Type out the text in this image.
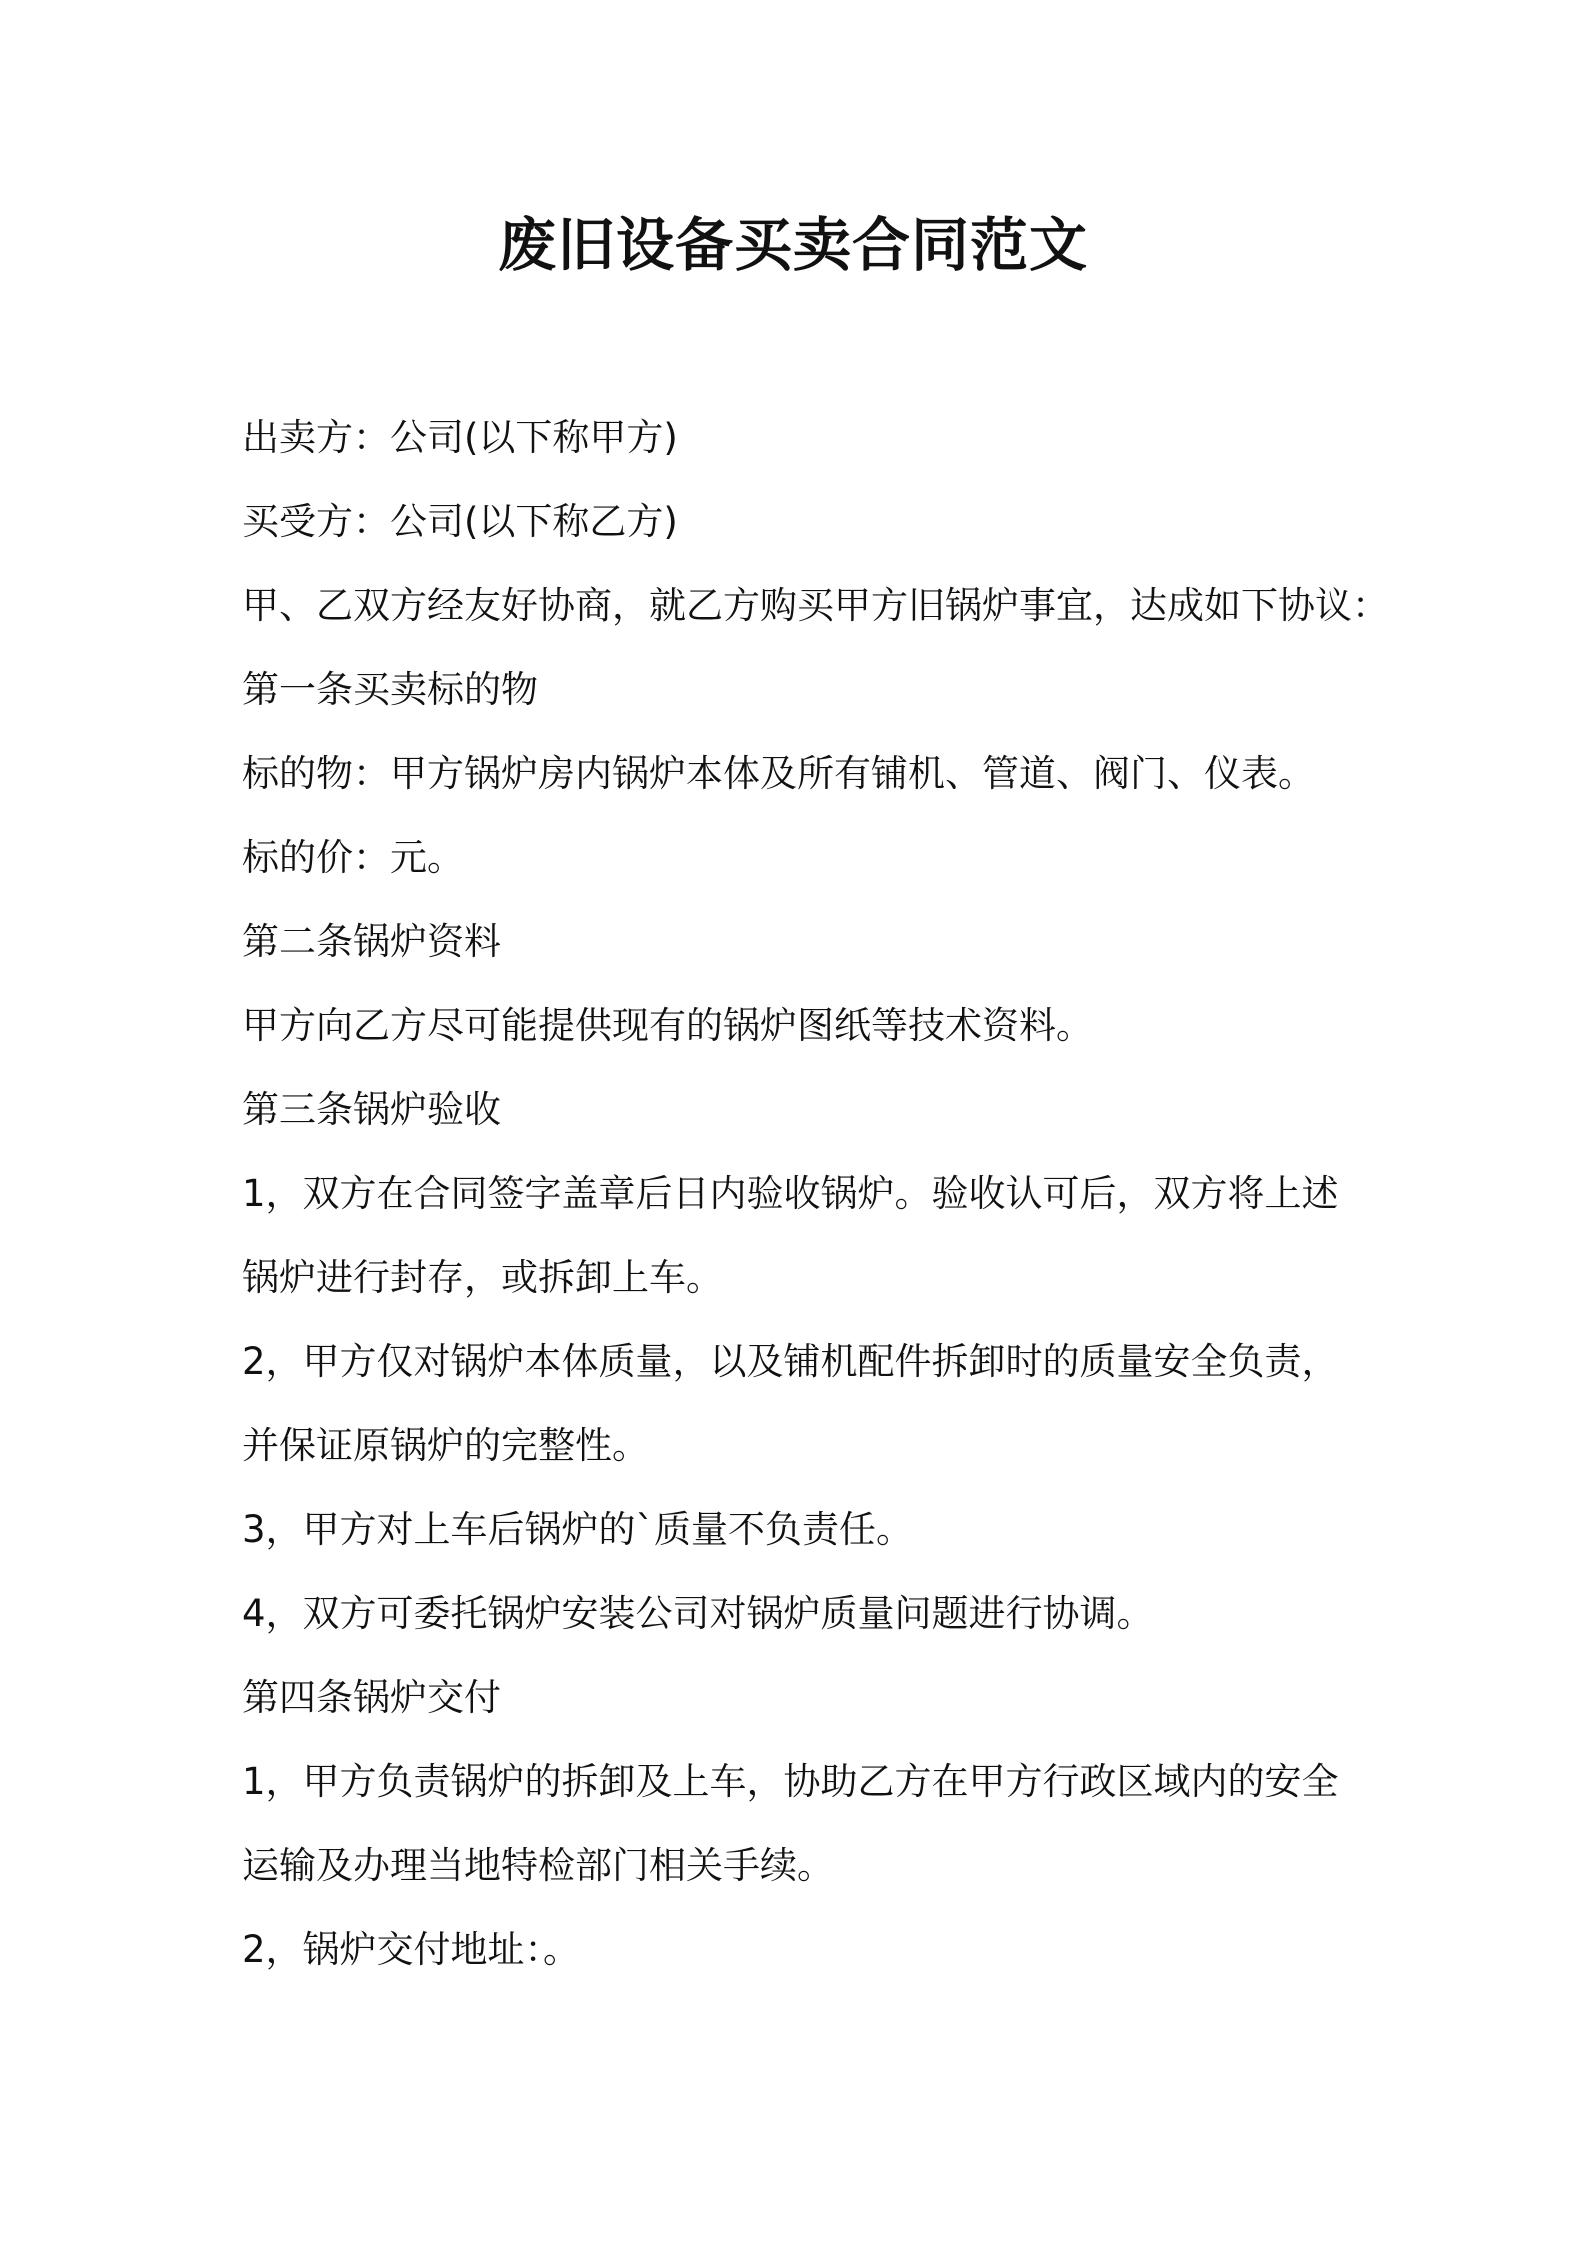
废旧设备买卖合同范文

出卖方：公司(以下称甲方)

买受方：公司(以下称乙方)

甲、乙双方经友好协商，就乙方购买甲方旧锅炉事宜，达成如下协议：

第一条买卖标的物

标的物：甲方锅炉房内锅炉本体及所有铺机、管道、阀门、仪表。

标的价：元。

第二条锅炉资料

甲方向乙方尽可能提供现有的锅炉图纸等技术资料。

第三条锅炉验收

1，双方在合同签字盖章后日内验收锅炉。验收认可后，双方将上述

锅炉进行封存，或拆卸上车。

2，甲方仅对锅炉本体质量，以及铺机配件拆卸时的质量安全负责，

并保证原锅炉的完整性。

3，甲方对上车后锅炉的`质量不负责任。

4，双方可委托锅炉安装公司对锅炉质量问题进行协调。

第四条锅炉交付

1，甲方负责锅炉的拆卸及上车，协助乙方在甲方行政区域内的安全

运输及办理当地特检部门相关手续。

2，锅炉交付地址：。
